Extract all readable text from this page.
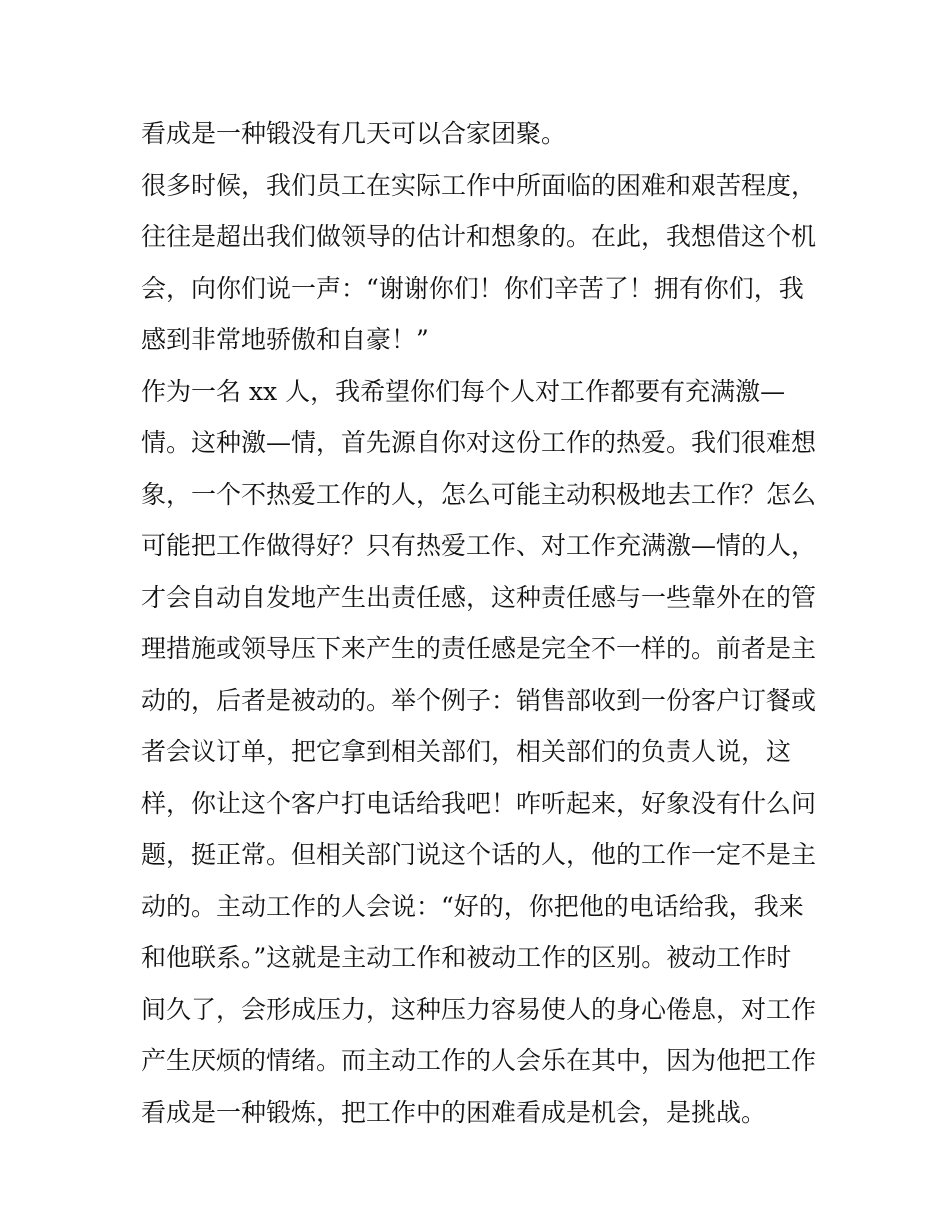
看成是一种锻没有几天可以合家团聚。
很多时候，我们员工在实际工作中所面临的困难和艰苦程度，
往往是超出我们做领导的估计和想象的。在此，我想借这个机
会，向你们说一声：“谢谢你们！你们辛苦了！拥有你们，我
感到非常地骄傲和自豪！”
作为一名 xx 人，我希望你们每个人对工作都要有充满激—
情。这种激—情，首先源自你对这份工作的热爱。我们很难想
象，一个不热爱工作的人，怎么可能主动积极地去工作？怎么
可能把工作做得好？只有热爱工作、对工作充满激—情的人，
才会自动自发地产生出责任感，这种责任感与一些靠外在的管
理措施或领导压下来产生的责任感是完全不一样的。前者是主
动的，后者是被动的。举个例子：销售部收到一份客户订餐或
者会议订单，把它拿到相关部们，相关部们的负责人说，这
样，你让这个客户打电话给我吧！咋听起来，好象没有什么问
题，挺正常。但相关部门说这个话的人，他的工作一定不是主
动的。主动工作的人会说：“好的，你把他的电话给我，我来
和他联系。”这就是主动工作和被动工作的区别。被动工作时
间久了，会形成压力，这种压力容易使人的身心倦息，对工作
产生厌烦的情绪。而主动工作的人会乐在其中，因为他把工作
看成是一种锻炼，把工作中的困难看成是机会，是挑战。
